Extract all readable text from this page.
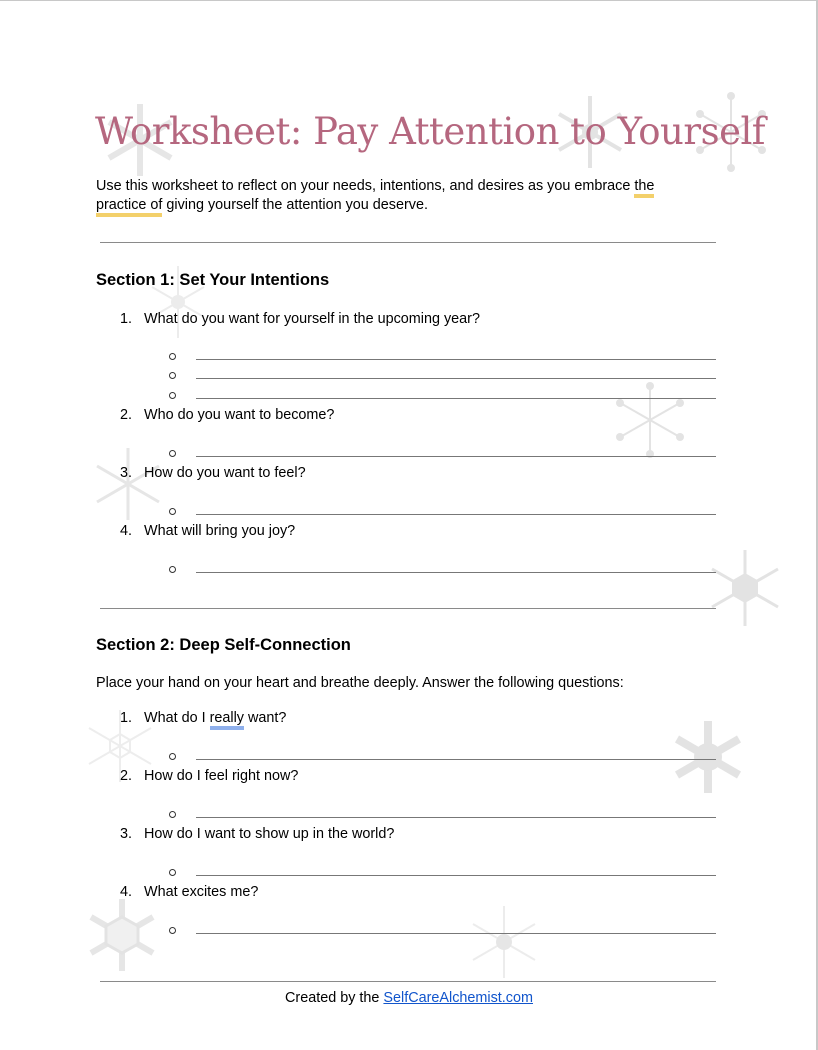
Worksheet: Pay Attention to Yourself
Use this worksheet to reflect on your needs, intentions, and desires as you embrace the
practice of giving yourself the attention you deserve.
Section 1: Set Your Intentions
1. What do you want for yourself in the upcoming year?
2. Who do you want to become?
3. How do you want to feel?
4. What will bring you joy?
Section 2: Deep Self-Connection
Place your hand on your heart and breathe deeply. Answer the following questions:
1. What do I really want?
2. How do I feel right now?
3. How do I want to show up in the world?
4. What excites me?
Created by the SelfCareAlchemist.com
